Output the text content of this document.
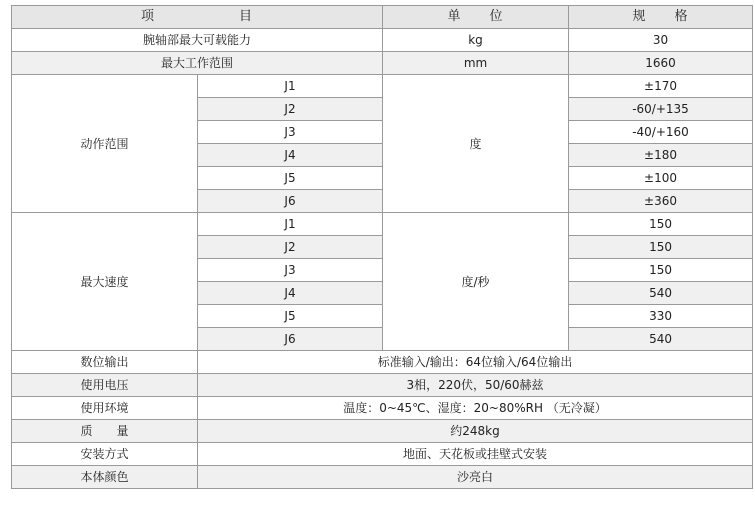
项　　　　　　目		单　　位	规　　格
腕轴部最大可载能力		kg	30
最大工作范围		mm	1660
动作范围	J1	度	±170
	J2		-60/+135
	J3		-40/+160
	J4		±180
	J5		±100
	J6		±360
最大速度	J1	度/秒	150
	J2		150
	J3		150
	J4		540
	J5		330
	J6		540
数位输出	标准输入/输出：64位输入/64位输出		
使用电压	3相，220伏，50/60赫兹		
使用环境	温度：0~45℃、湿度：20~80%RH （无冷凝）		
质　　量	约248kg		
安装方式	地面、天花板或挂壁式安装		
本体颜色	沙亮白		
